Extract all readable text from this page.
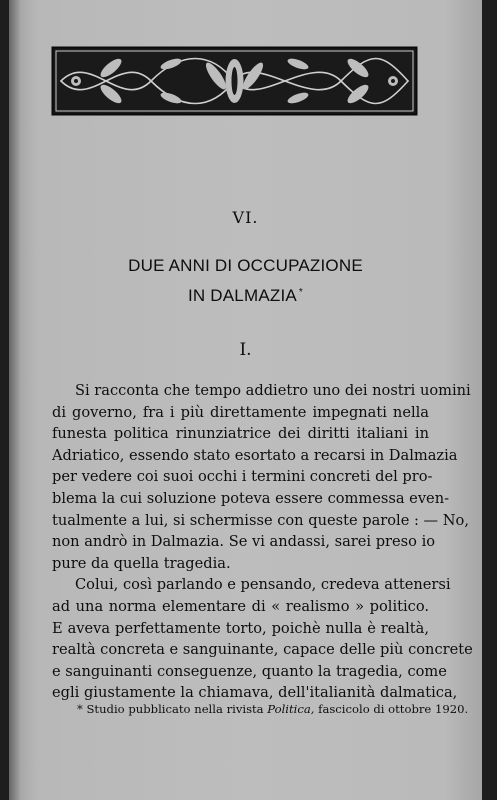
VI.
DUE ANNI DI OCCUPAZIONE
IN DALMAZIA *
I.
Si racconta che tempo addietro uno dei nostri uomini
di governo, fra i più direttamente impegnati nella
funesta politica rinunziatrice dei diritti italiani in
Adriatico, essendo stato esortato a recarsi in Dalmazia
per vedere coi suoi occhi i termini concreti del pro-
blema la cui soluzione poteva essere commessa even-
tualmente a lui, si schermisse con queste parole : — No,
non andrò in Dalmazia. Se vi andassi, sarei preso io
pure da quella tragedia.
Colui, così parlando e pensando, credeva attenersi
ad una norma elementare di « realismo » politico.
E aveva perfettamente torto, poichè nulla è realtà,
realtà concreta e sanguinante, capace delle più concrete
e sanguinanti conseguenze, quanto la tragedia, come
egli giustamente la chiamava, dell'italianità dalmatica,
* Studio pubblicato nella rivista Politica, fascicolo di ottobre 1920.
